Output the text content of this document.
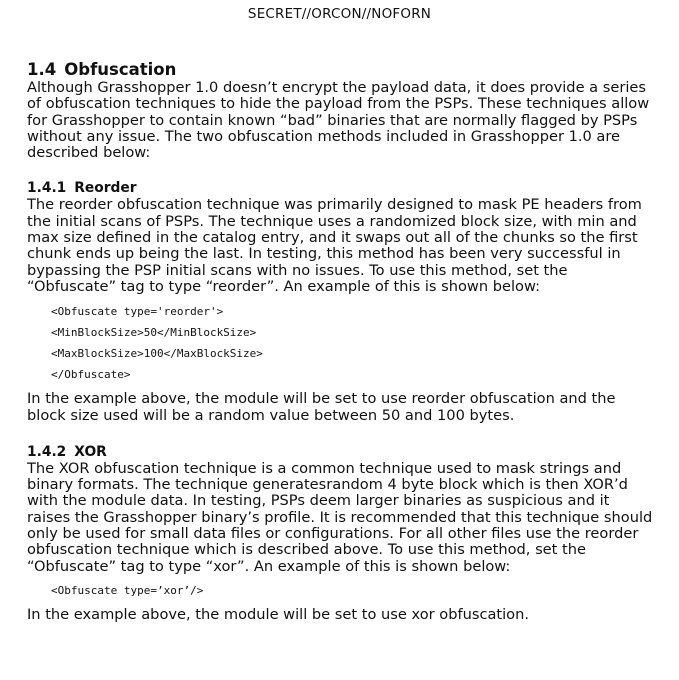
SECRET//ORCON//NOFORN
1.4 Obfuscation

Although Grasshopper 1.0 doesn’t encrypt the payload data, it does provide a series of obfuscation techniques to hide the payload from the PSPs. These techniques allow for Grasshopper to contain known “bad” binaries that are normally flagged by PSPs without any issue. The two obfuscation methods included in Grasshopper 1.0 are described below:

1.4.1 Reorder

The reorder obfuscation technique was primarily designed to mask PE headers from the initial scans of PSPs. The technique uses a randomized block size, with min and max size defined in the catalog entry, and it swaps out all of the chunks so the first chunk ends up being the last. In testing, this method has been very successful in bypassing the PSP initial scans with no issues. To use this method, set the “Obfuscate” tag to type “reorder”. An example of this is shown below:

<Obfuscate type='reorder'>
<MinBlockSize>50</MinBlockSize>
<MaxBlockSize>100</MaxBlockSize>
</Obfuscate>

In the example above, the module will be set to use reorder obfuscation and the block size used will be a random value between 50 and 100 bytes.

1.4.2 XOR

The XOR obfuscation technique is a common technique used to mask strings and binary formats. The technique generatesrandom 4 byte block which is then XOR’d with the module data. In testing, PSPs deem larger binaries as suspicious and it raises the Grasshopper binary’s profile. It is recommended that this technique should only be used for small data files or configurations. For all other files use the reorder obfuscation technique which is described above. To use this method, set the “Obfuscate” tag to type “xor”. An example of this is shown below:

<Obfuscate type=’xor’/>

In the example above, the module will be set to use xor obfuscation.
